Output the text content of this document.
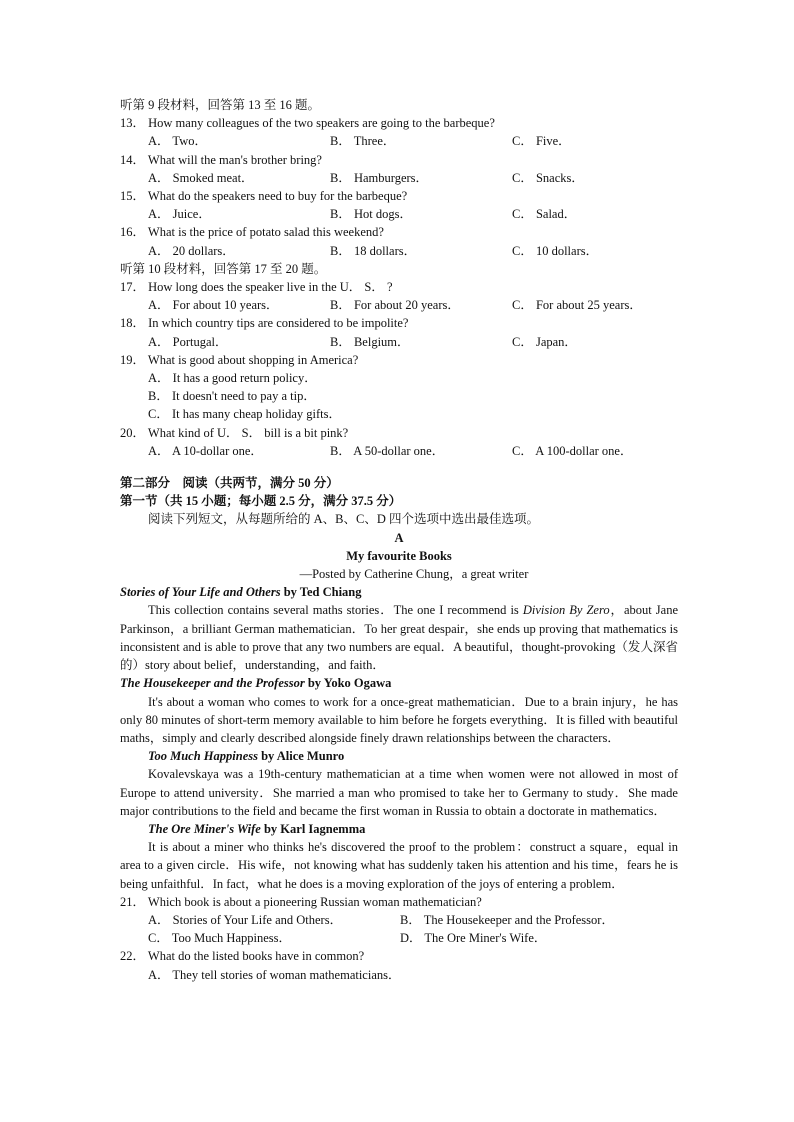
听第 9 段材料，回答第 13 至 16 题。
13． How many colleagues of the two speakers are going to the barbeque?
A． Two．	B． Three．	C． Five．
14． What will the man's brother bring?
A． Smoked meat．	B． Hamburgers．	C． Snacks．
15． What do the speakers need to buy for the barbeque?
A． Juice．	B． Hot dogs．	C． Salad．
16． What is the price of potato salad this weekend?
A． 20 dollars．	B． 18 dollars．	C． 10 dollars．
听第 10 段材料，回答第 17 至 20 题。
17． How long does the speaker live in the U． S． ?
A． For about 10 years．	B． For about 20 years．	C． For about 25 years．
18． In which country tips are considered to be impolite?
A． Portugal．	B． Belgium．	C． Japan．
19． What is good about shopping in America?
A． It has a good return policy．
B． It doesn't need to pay a tip．
C． It has many cheap holiday gifts．
20． What kind of U． S． bill is a bit pink?
A． A 10-dollar one．	B． A 50-dollar one．	C． A 100-dollar one．
第二部分　阅读（共两节，满分 50 分）
第一节（共 15 小题；每小题 2.5 分，满分 37.5 分）
阅读下列短文，从每题所给的 A、B、C、D 四个选项中选出最佳选项。
A
My favourite Books
—Posted by Catherine Chung，a great writer
Stories of Your Life and Others by Ted Chiang
This collection contains several maths stories．The one I recommend is Division By Zero，about Jane Parkinson，a brilliant German mathematician．To her great despair，she ends up proving that mathematics is inconsistent and is able to prove that any two numbers are equal．A beautiful，thought-provoking（发人深省的）story about belief，understanding，and faith．
The Housekeeper and the Professor by Yoko Ogawa
It's about a woman who comes to work for a once-great mathematician．Due to a brain injury，he has only 80 minutes of short-term memory available to him before he forgets everything．It is filled with beautiful maths，simply and clearly described alongside finely drawn relationships between the characters．
Too Much Happiness by Alice Munro
Kovalevskaya was a 19th-century mathematician at a time when women were not allowed in most of Europe to attend university．She married a man who promised to take her to Germany to study．She made major contributions to the field and became the first woman in Russia to obtain a doctorate in mathematics．
The Ore Miner's Wife by Karl Iagnemma
It is about a miner who thinks he's discovered the proof to the problem：construct a square，equal in area to a given circle．His wife，not knowing what has suddenly taken his attention and his time，fears he is being unfaithful．In fact，what he does is a moving exploration of the joys of entering a problem．
21． Which book is about a pioneering Russian woman mathematician?
A． Stories of Your Life and Others．	B． The Housekeeper and the Professor．
C． Too Much Happiness．	D． The Ore Miner's Wife．
22． What do the listed books have in common?
A． They tell stories of woman mathematicians．
